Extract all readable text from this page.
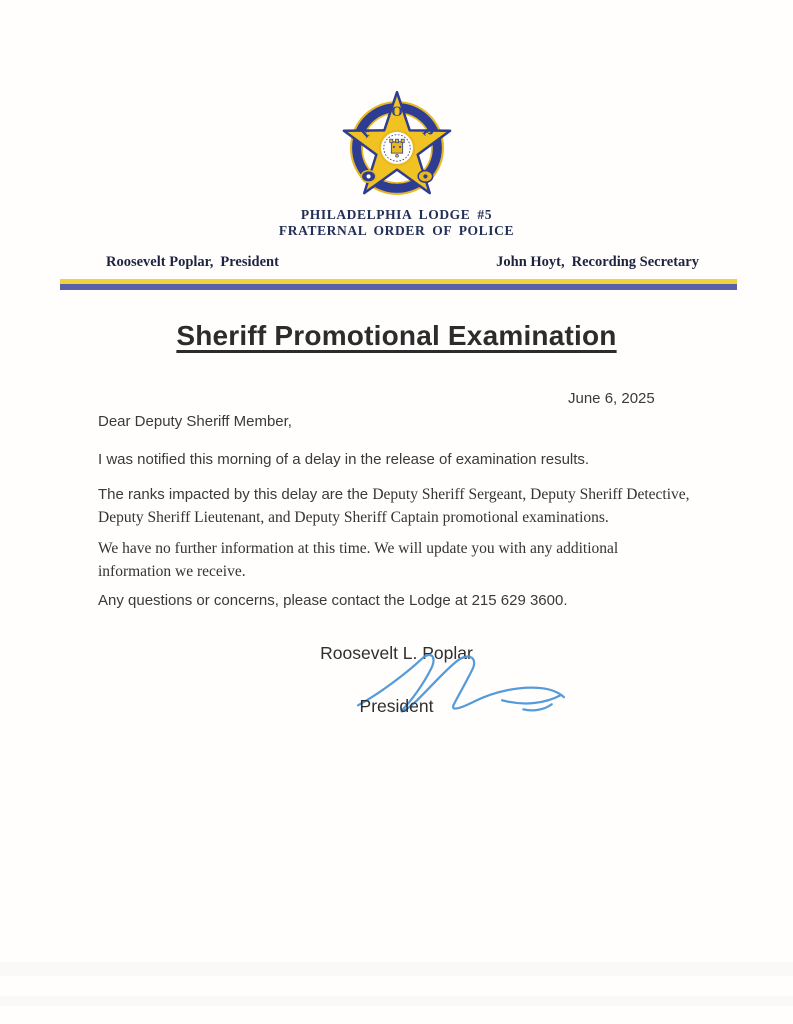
F
O
P
PHILADELPHIA LODGE #5
FRATERNAL ORDER OF POLICE
Roosevelt Poplar, President	John Hoyt, Recording Secretary
Sheriff Promotional Examination
June 6, 2025
Dear Deputy Sheriff Member,
I was notified this morning of a delay in the release of examination results.
The ranks impacted by this delay are the Deputy Sheriff Sergeant, Deputy Sheriff Detective, Deputy Sheriff Lieutenant, and Deputy Sheriff Captain promotional examinations.
We have no further information at this time. We will update you with any additional information we receive.
Any questions or concerns, please contact the Lodge at 215 629 3600.
Roosevelt L. Poplar
President
